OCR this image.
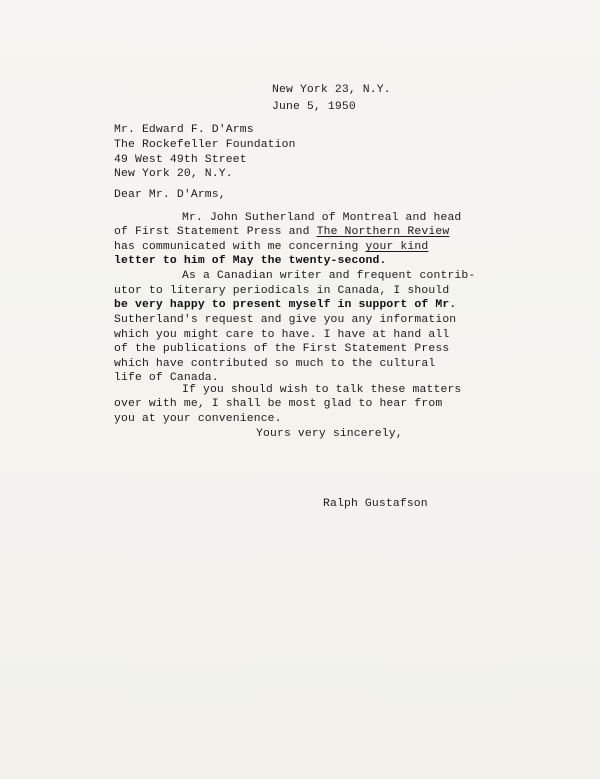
New York 23, N.Y.
June 5, 1950
Mr. Edward F. D'Arms
The Rockefeller Foundation
49 West 49th Street
New York 20, N.Y.
Dear Mr. D'Arms,
Mr. John Sutherland of Montreal and head
of First Statement Press and The Northern Review
has communicated with me concerning your kind
letter to him of May the twenty-second.
As a Canadian writer and frequent contrib-
utor to literary periodicals in Canada, I should
be very happy to present myself in support of Mr.
Sutherland's request and give you any information
which you might care to have. I have at hand all
of the publications of the First Statement Press
which have contributed so much to the cultural
life of Canada.
If you should wish to talk these matters
over with me, I shall be most glad to hear from
you at your convenience.
Yours very sincerely,
Ralph Gustafson
